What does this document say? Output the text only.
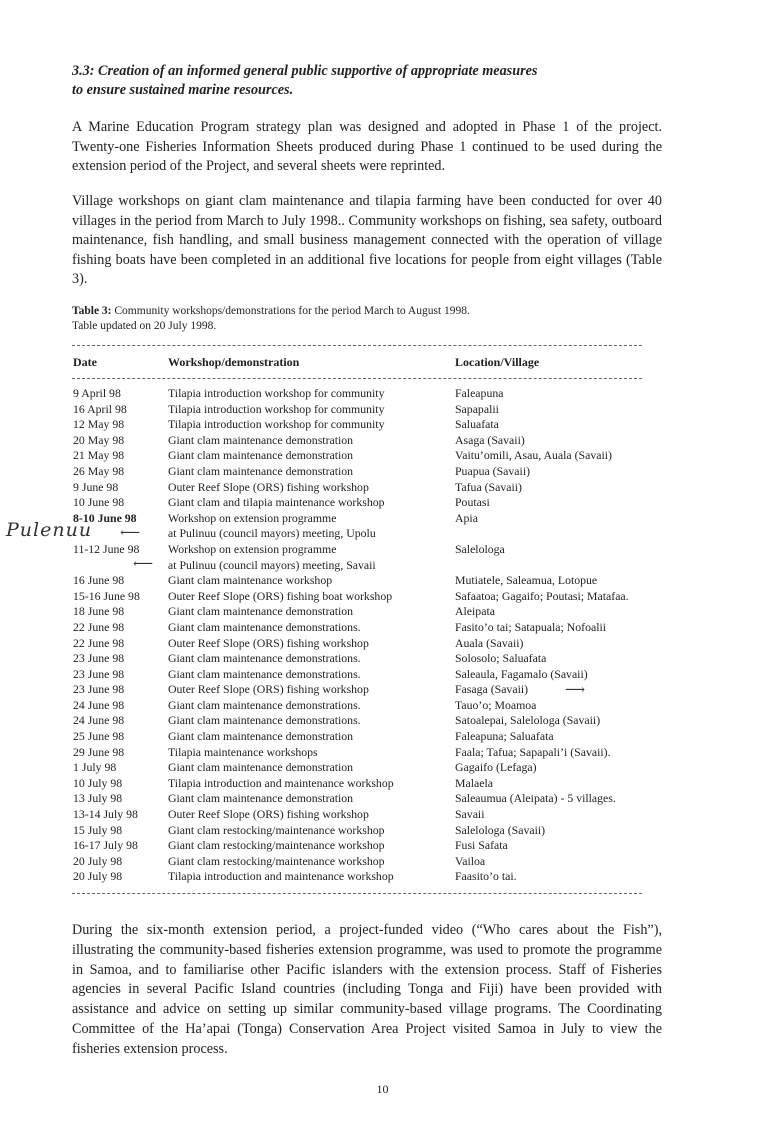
3.3: Creation of an informed general public supportive of appropriate measures
to ensure sustained marine resources.

A Marine Education Program strategy plan was designed and adopted in Phase 1 of the project. Twenty-one Fisheries Information Sheets produced during Phase 1 continued to be used during the extension period of the Project, and several sheets were reprinted.

Village workshops on giant clam maintenance and tilapia farming have been conducted for over 40 villages in the period from March to July 1998.. Community workshops on fishing, sea safety, outboard maintenance, fish handling, and small business management connected with the operation of village fishing boats have been completed in an additional five locations for people from eight villages (Table 3).

Table 3: Community workshops/demonstrations for the period March to August 1998.
Table updated on 20 July 1998.
Date	Workshop/demonstration	Location/Village
9 April 98	Tilapia introduction workshop for community	Faleapuna
16 April 98	Tilapia introduction workshop for community	Sapapalii
12 May 98	Tilapia introduction workshop for community	Saluafata
20 May 98	Giant clam maintenance demonstration	Asaga (Savaii)
21 May 98	Giant clam maintenance demonstration	Vaitu’omili, Asau, Auala (Savaii)
26 May 98	Giant clam maintenance demonstration	Puapua (Savaii)
9 June 98	Outer Reef Slope (ORS) fishing workshop	Tafua (Savaii)
10 June 98	Giant clam and tilapia maintenance workshop	Poutasi
8-10 June 98	Workshop on extension programme	Apia
at Pulinuu (council mayors) meeting, Upolu
11-12 June 98 Workshop on extension programme	Salelologa
at Pulinuu (council mayors) meeting, Savaii
16 June 98	Giant clam maintenance workshop	Mutiatele, Saleamua, Lotopue
15-16 June 98 Outer Reef Slope (ORS) fishing boat workshop	Safaatoa; Gagaifo; Poutasi; Matafaa.
18 June 98	Giant clam maintenance demonstration	Aleipata
22 June 98	Giant clam maintenance demonstrations.	Fasito’o tai; Satapuala; Nofoalii
22 June 98	Outer Reef Slope (ORS) fishing workshop	Auala (Savaii)
23 June 98	Giant clam maintenance demonstrations.	Solosolo; Saluafata
23 June 98	Giant clam maintenance demonstrations.	Saleaula, Fagamalo (Savaii)
23 June 98	Outer Reef Slope (ORS) fishing workshop	Fasaga (Savaii)
24 June 98	Giant clam maintenance demonstrations.	Tauo’o; Moamoa
24 June 98	Giant clam maintenance demonstrations.	Satoalepai, Salelologa (Savaii)
25 June 98	Giant clam maintenance demonstration	Faleapuna; Saluafata
29 June 98	Tilapia maintenance workshops	Faala; Tafua; Sapapali’i (Savaii).
1 July 98	Giant clam maintenance demonstration	Gagaifo (Lefaga)
10 July 98	Tilapia introduction and maintenance workshop	Malaela
13 July 98	Giant clam maintenance demonstration	Saleaumua (Aleipata) - 5 villages.
13-14 July 98	Outer Reef Slope (ORS) fishing workshop	Savaii
15 July 98	Giant clam restocking/maintenance workshop	Salelologa (Savaii)
16-17 July 98	Giant clam restocking/maintenance workshop	Fusi Safata
20 July 98	Giant clam restocking/maintenance workshop	Vailoa
20 July 98	Tilapia introduction and maintenance workshop	Faasito’o tai.
Pulenuu ⟵
⟵
⟶

During the six-month extension period, a project-funded video (“Who cares about the Fish”), illustrating the community-based fisheries extension programme, was used to promote the programme in Samoa, and to familiarise other Pacific islanders with the extension process. Staff of Fisheries agencies in several Pacific Island countries (including Tonga and Fiji) have been provided with assistance and advice on setting up similar community-based village programs. The Coordinating Committee of the Ha’apai (Tonga) Conservation Area Project visited Samoa in July to view the fisheries extension process.

10
